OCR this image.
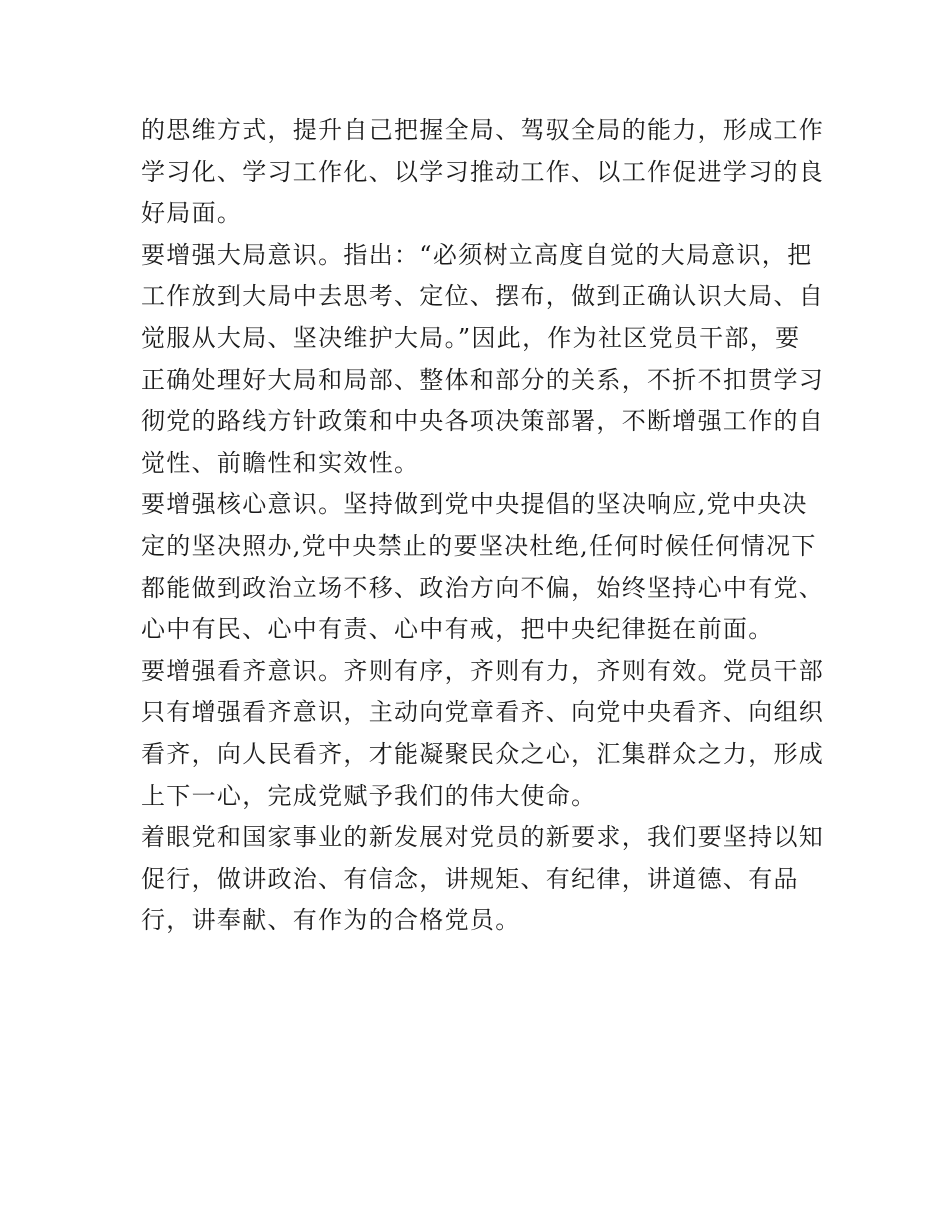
的思维方式，提升自己把握全局、驾驭全局的能力，形成工作
学习化、学习工作化、以学习推动工作、以工作促进学习的良
好局面。

要增强大局意识。指出：“必须树立高度自觉的大局意识，把
工作放到大局中去思考、定位、摆布，做到正确认识大局、自
觉服从大局、坚决维护大局。”因此，作为社区党员干部，要
正确处理好大局和局部、整体和部分的关系，不折不扣贯学习
彻党的路线方针政策和中央各项决策部署，不断增强工作的自
觉性、前瞻性和实效性。

要增强核心意识。坚持做到党中央提倡的坚决响应,党中央决
定的坚决照办,党中央禁止的要坚决杜绝,任何时候任何情况下
都能做到政治立场不移、政治方向不偏，始终坚持心中有党、
心中有民、心中有责、心中有戒，把中央纪律挺在前面。

要增强看齐意识。齐则有序，齐则有力，齐则有效。党员干部
只有增强看齐意识，主动向党章看齐、向党中央看齐、向组织
看齐，向人民看齐，才能凝聚民众之心，汇集群众之力，形成
上下一心，完成党赋予我们的伟大使命。

着眼党和国家事业的新发展对党员的新要求，我们要坚持以知
促行，做讲政治、有信念，讲规矩、有纪律，讲道德、有品
行，讲奉献、有作为的合格党员。
